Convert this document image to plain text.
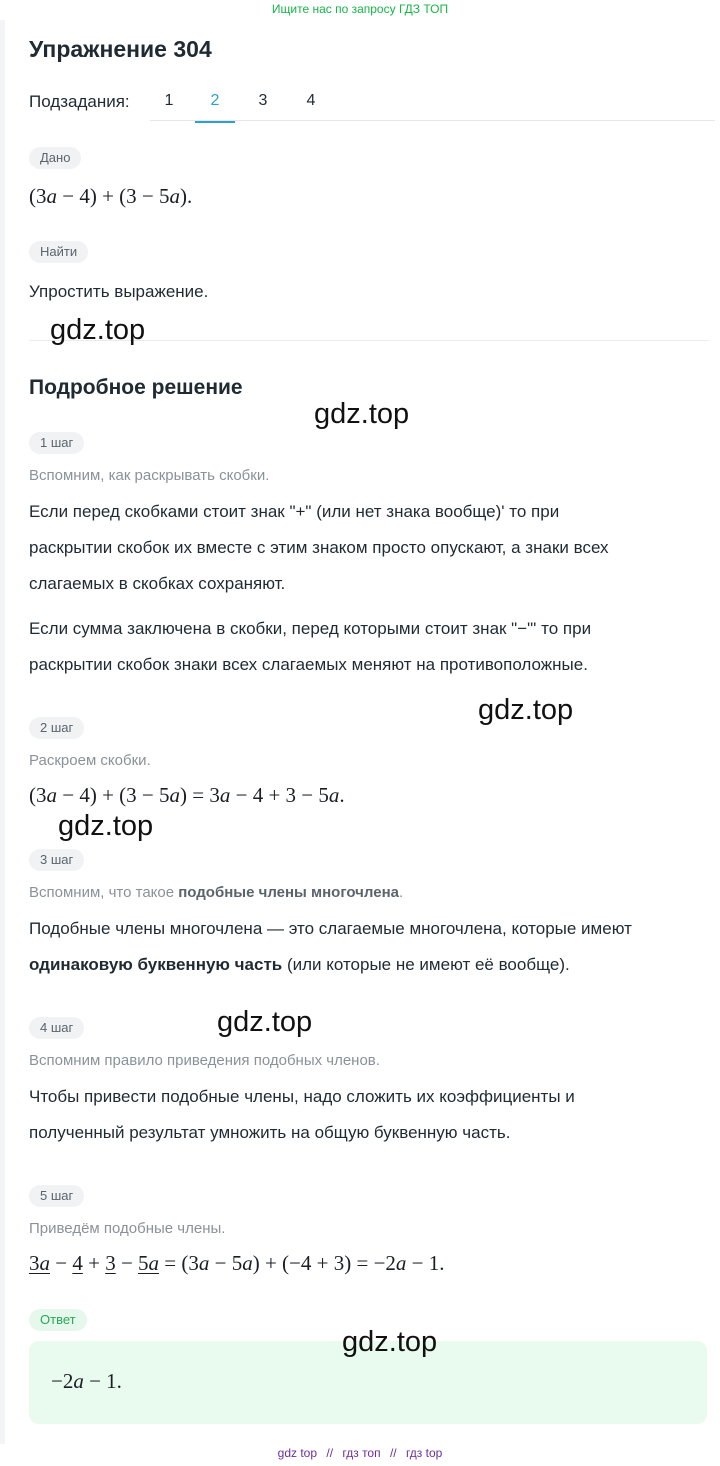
Ищите нас по запросу ГДЗ ТОП
Упражнение 304
Подзадания:	1	2	3	4
Дано
(3a − 4) + (3 − 5a).
Найти
Упростить выражение.
Подробное решение
1 шаг
Вспомним, как раскрывать скобки.
Если перед скобками стоит знак "+" (или нет знака вообще)' то при
раскрытии скобок их вместе с этим знаком просто опускают, а знаки всех
слагаемых в скобках сохраняют.
Если сумма заключена в скобки, перед которыми стоит знак "−"' то при
раскрытии скобок знаки всех слагаемых меняют на противоположные.
2 шаг
Раскроем скобки.
(3a − 4) + (3 − 5a) = 3a − 4 + 3 − 5a.
3 шаг
Вспомним, что такое подобные члены многочлена.
Подобные члены многочлена — это слагаемые многочлена, которые имеют
одинаковую буквенную часть (или которые не имеют её вообще).
4 шаг
Вспомним правило приведения подобных членов.
Чтобы привести подобные члены, надо сложить их коэффициенты и
полученный результат умножить на общую буквенную часть.
5 шаг
Приведём подобные члены.
3a − 4 + 3 − 5a = (3a − 5a) + (−4 + 3) = −2a − 1.
Ответ
−2a − 1.
gdz.top
gdz.top
gdz.top
gdz.top
gdz.top
gdz.top
gdz top // гдз топ // гдз top
